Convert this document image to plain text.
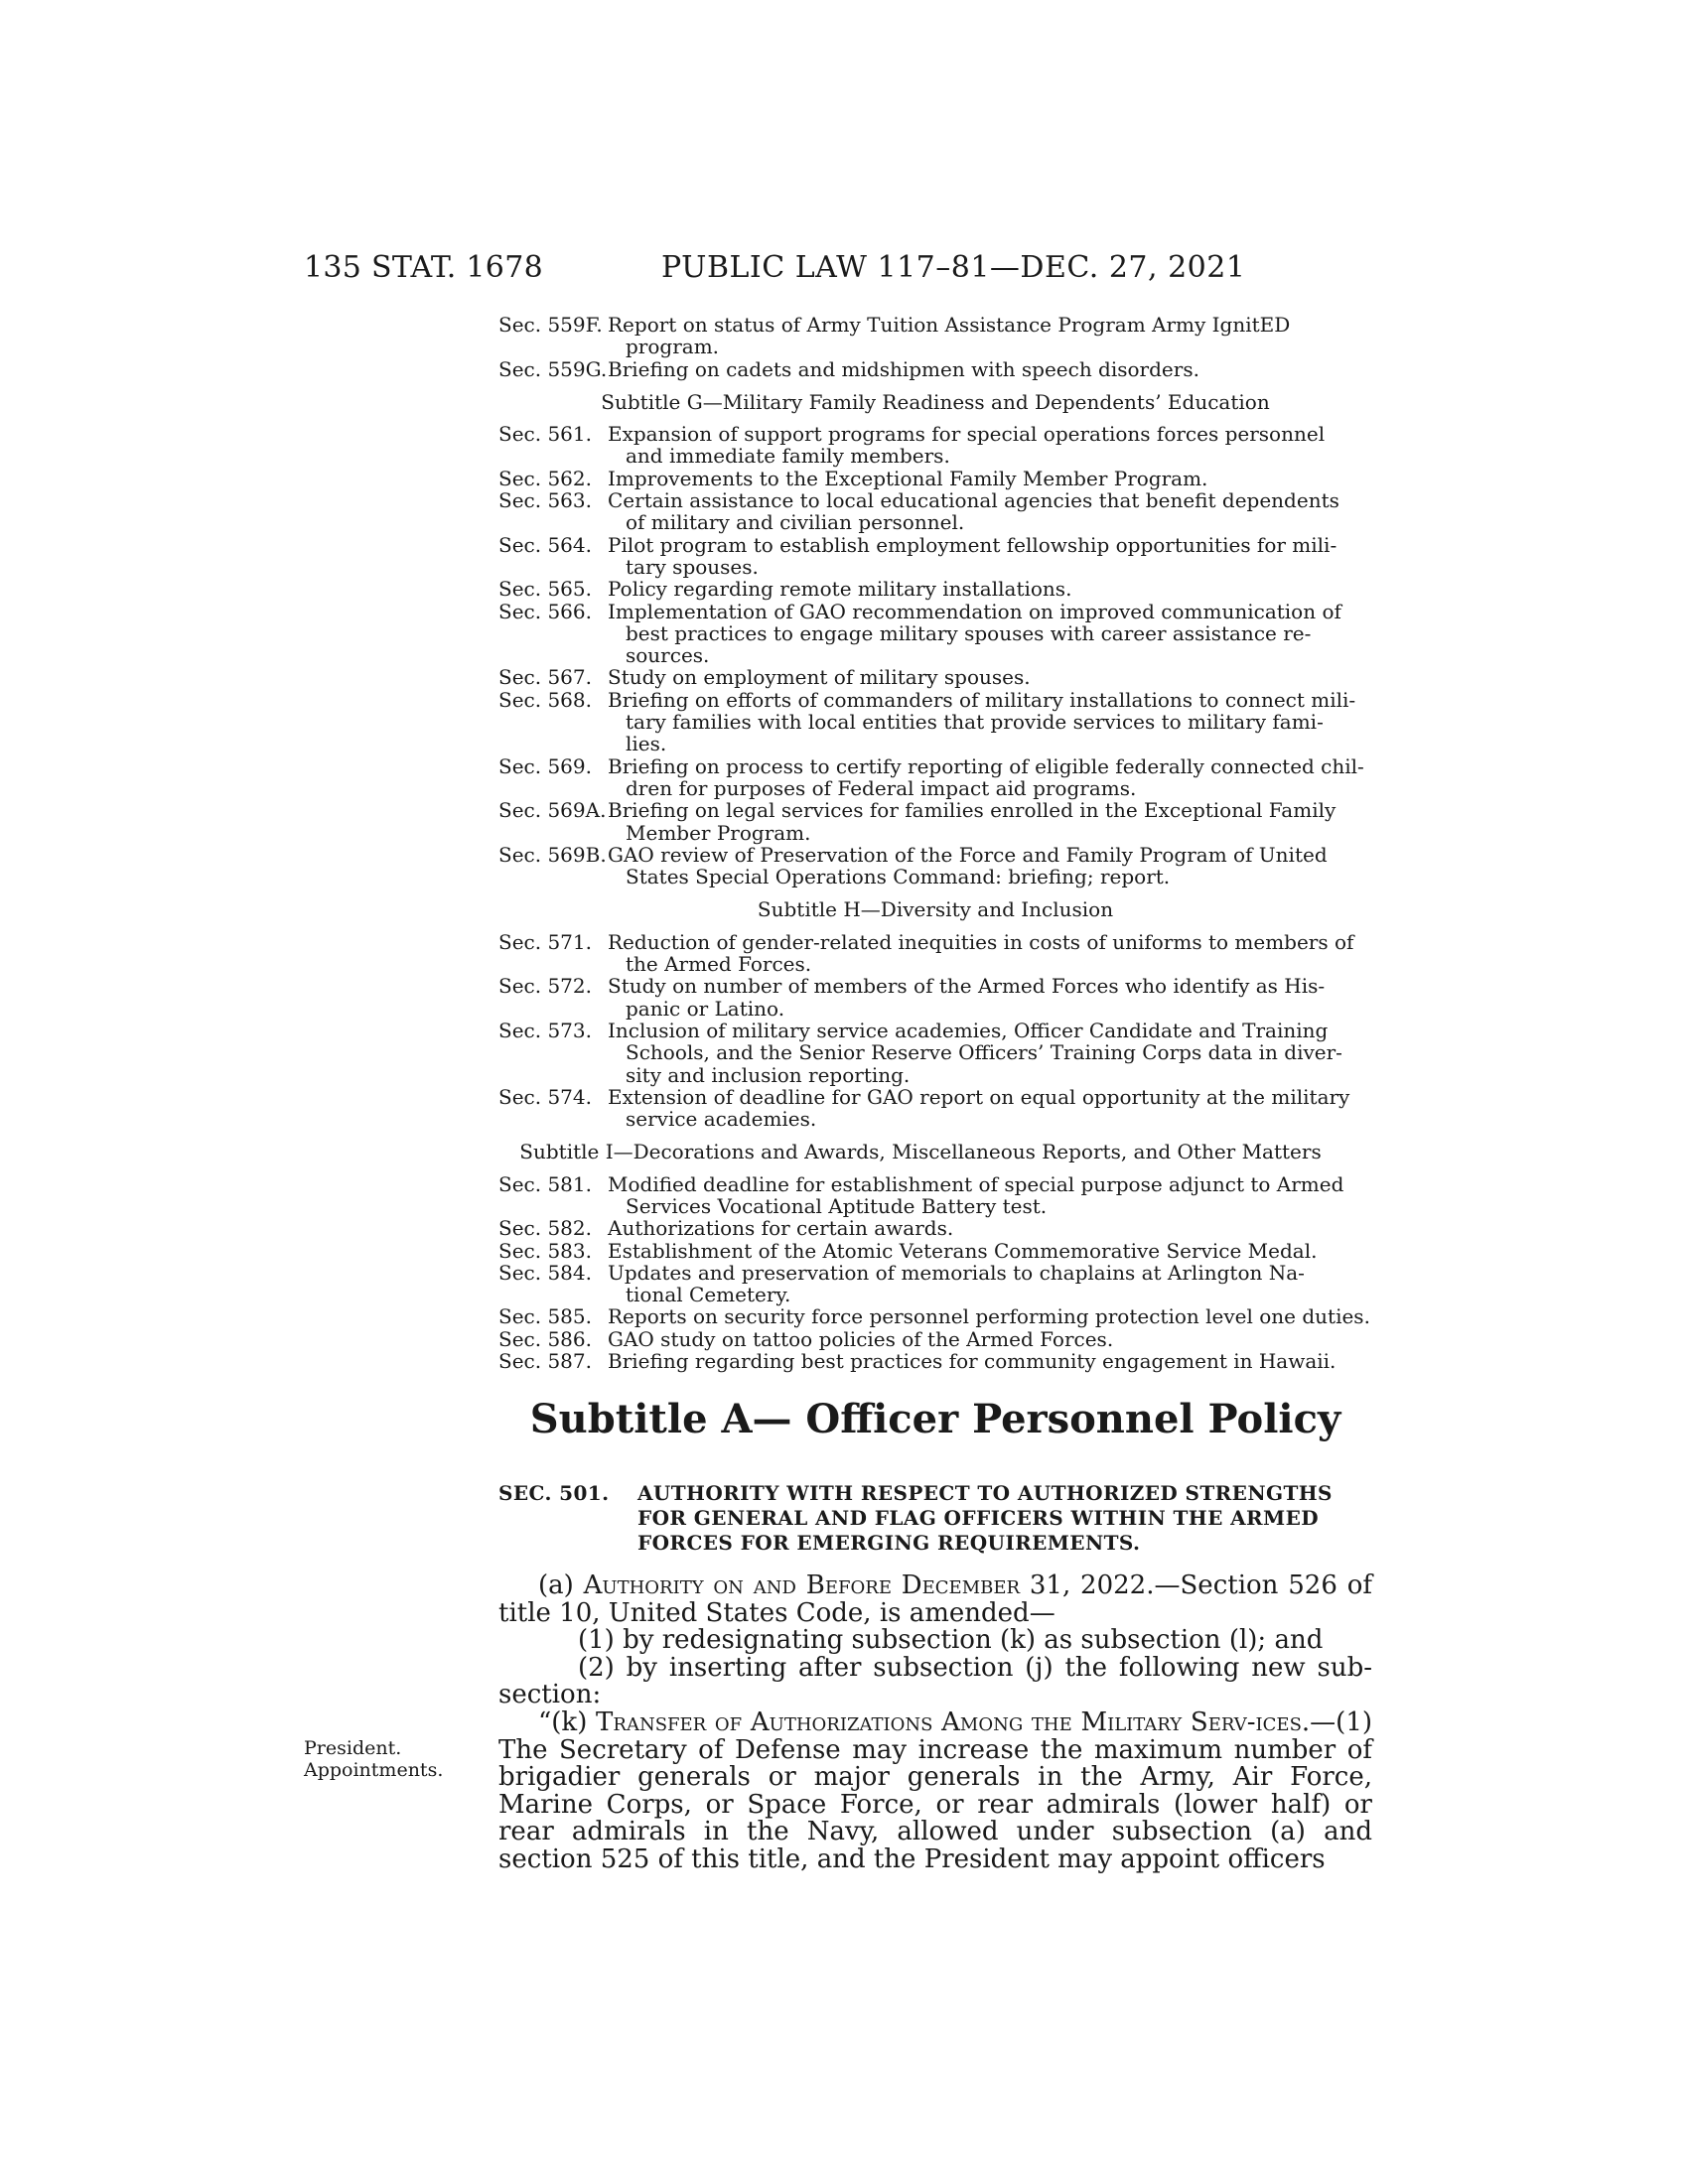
135 STAT. 1678	PUBLIC LAW 117–81—DEC. 27, 2021
Sec. 559F. Report on status of Army Tuition Assistance Program Army IgnitED
program.
Sec. 559G. Briefing on cadets and midshipmen with speech disorders.
Subtitle G—Military Family Readiness and Dependents’ Education
Sec. 561. Expansion of support programs for special operations forces personnel
and immediate family members.
Sec. 562. Improvements to the Exceptional Family Member Program.
Sec. 563. Certain assistance to local educational agencies that benefit dependents
of military and civilian personnel.
Sec. 564. Pilot program to establish employment fellowship opportunities for mili-
tary spouses.
Sec. 565. Policy regarding remote military installations.
Sec. 566. Implementation of GAO recommendation on improved communication of
best practices to engage military spouses with career assistance re-
sources.
Sec. 567. Study on employment of military spouses.
Sec. 568. Briefing on efforts of commanders of military installations to connect mili-
tary families with local entities that provide services to military fami-
lies.
Sec. 569. Briefing on process to certify reporting of eligible federally connected chil-
dren for purposes of Federal impact aid programs.
Sec. 569A. Briefing on legal services for families enrolled in the Exceptional Family
Member Program.
Sec. 569B. GAO review of Preservation of the Force and Family Program of United
States Special Operations Command: briefing; report.
Subtitle H—Diversity and Inclusion
Sec. 571. Reduction of gender-related inequities in costs of uniforms to members of
the Armed Forces.
Sec. 572. Study on number of members of the Armed Forces who identify as His-
panic or Latino.
Sec. 573. Inclusion of military service academies, Officer Candidate and Training
Schools, and the Senior Reserve Officers’ Training Corps data in diver-
sity and inclusion reporting.
Sec. 574. Extension of deadline for GAO report on equal opportunity at the military
service academies.
Subtitle I—Decorations and Awards, Miscellaneous Reports, and Other Matters
Sec. 581. Modified deadline for establishment of special purpose adjunct to Armed
Services Vocational Aptitude Battery test.
Sec. 582. Authorizations for certain awards.
Sec. 583. Establishment of the Atomic Veterans Commemorative Service Medal.
Sec. 584. Updates and preservation of memorials to chaplains at Arlington Na-
tional Cemetery.
Sec. 585. Reports on security force personnel performing protection level one duties.
Sec. 586. GAO study on tattoo policies of the Armed Forces.
Sec. 587. Briefing regarding best practices for community engagement in Hawaii.
Subtitle A— Officer Personnel Policy
SEC. 501. AUTHORITY WITH RESPECT TO AUTHORIZED STRENGTHS
FOR GENERAL AND FLAG OFFICERS WITHIN THE ARMED
FORCES FOR EMERGING REQUIREMENTS.
President.
Appointments.

(a) Authority on and Before December 31, 2022.—Section 526 of title 10, United States Code, is amended—

(1) by redesignating subsection (k) as subsection (l); and

(2) by inserting after subsection (j) the following new sub-section:

“(k) Transfer of Authorizations Among the Military Serv-ices.—(1) The Secretary of Defense may increase the maximum number of brigadier generals or major generals in the Army, Air Force, Marine Corps, or Space Force, or rear admirals (lower half) or rear admirals in the Navy, allowed under subsection (a) and section 525 of this title, and the President may appoint officers
